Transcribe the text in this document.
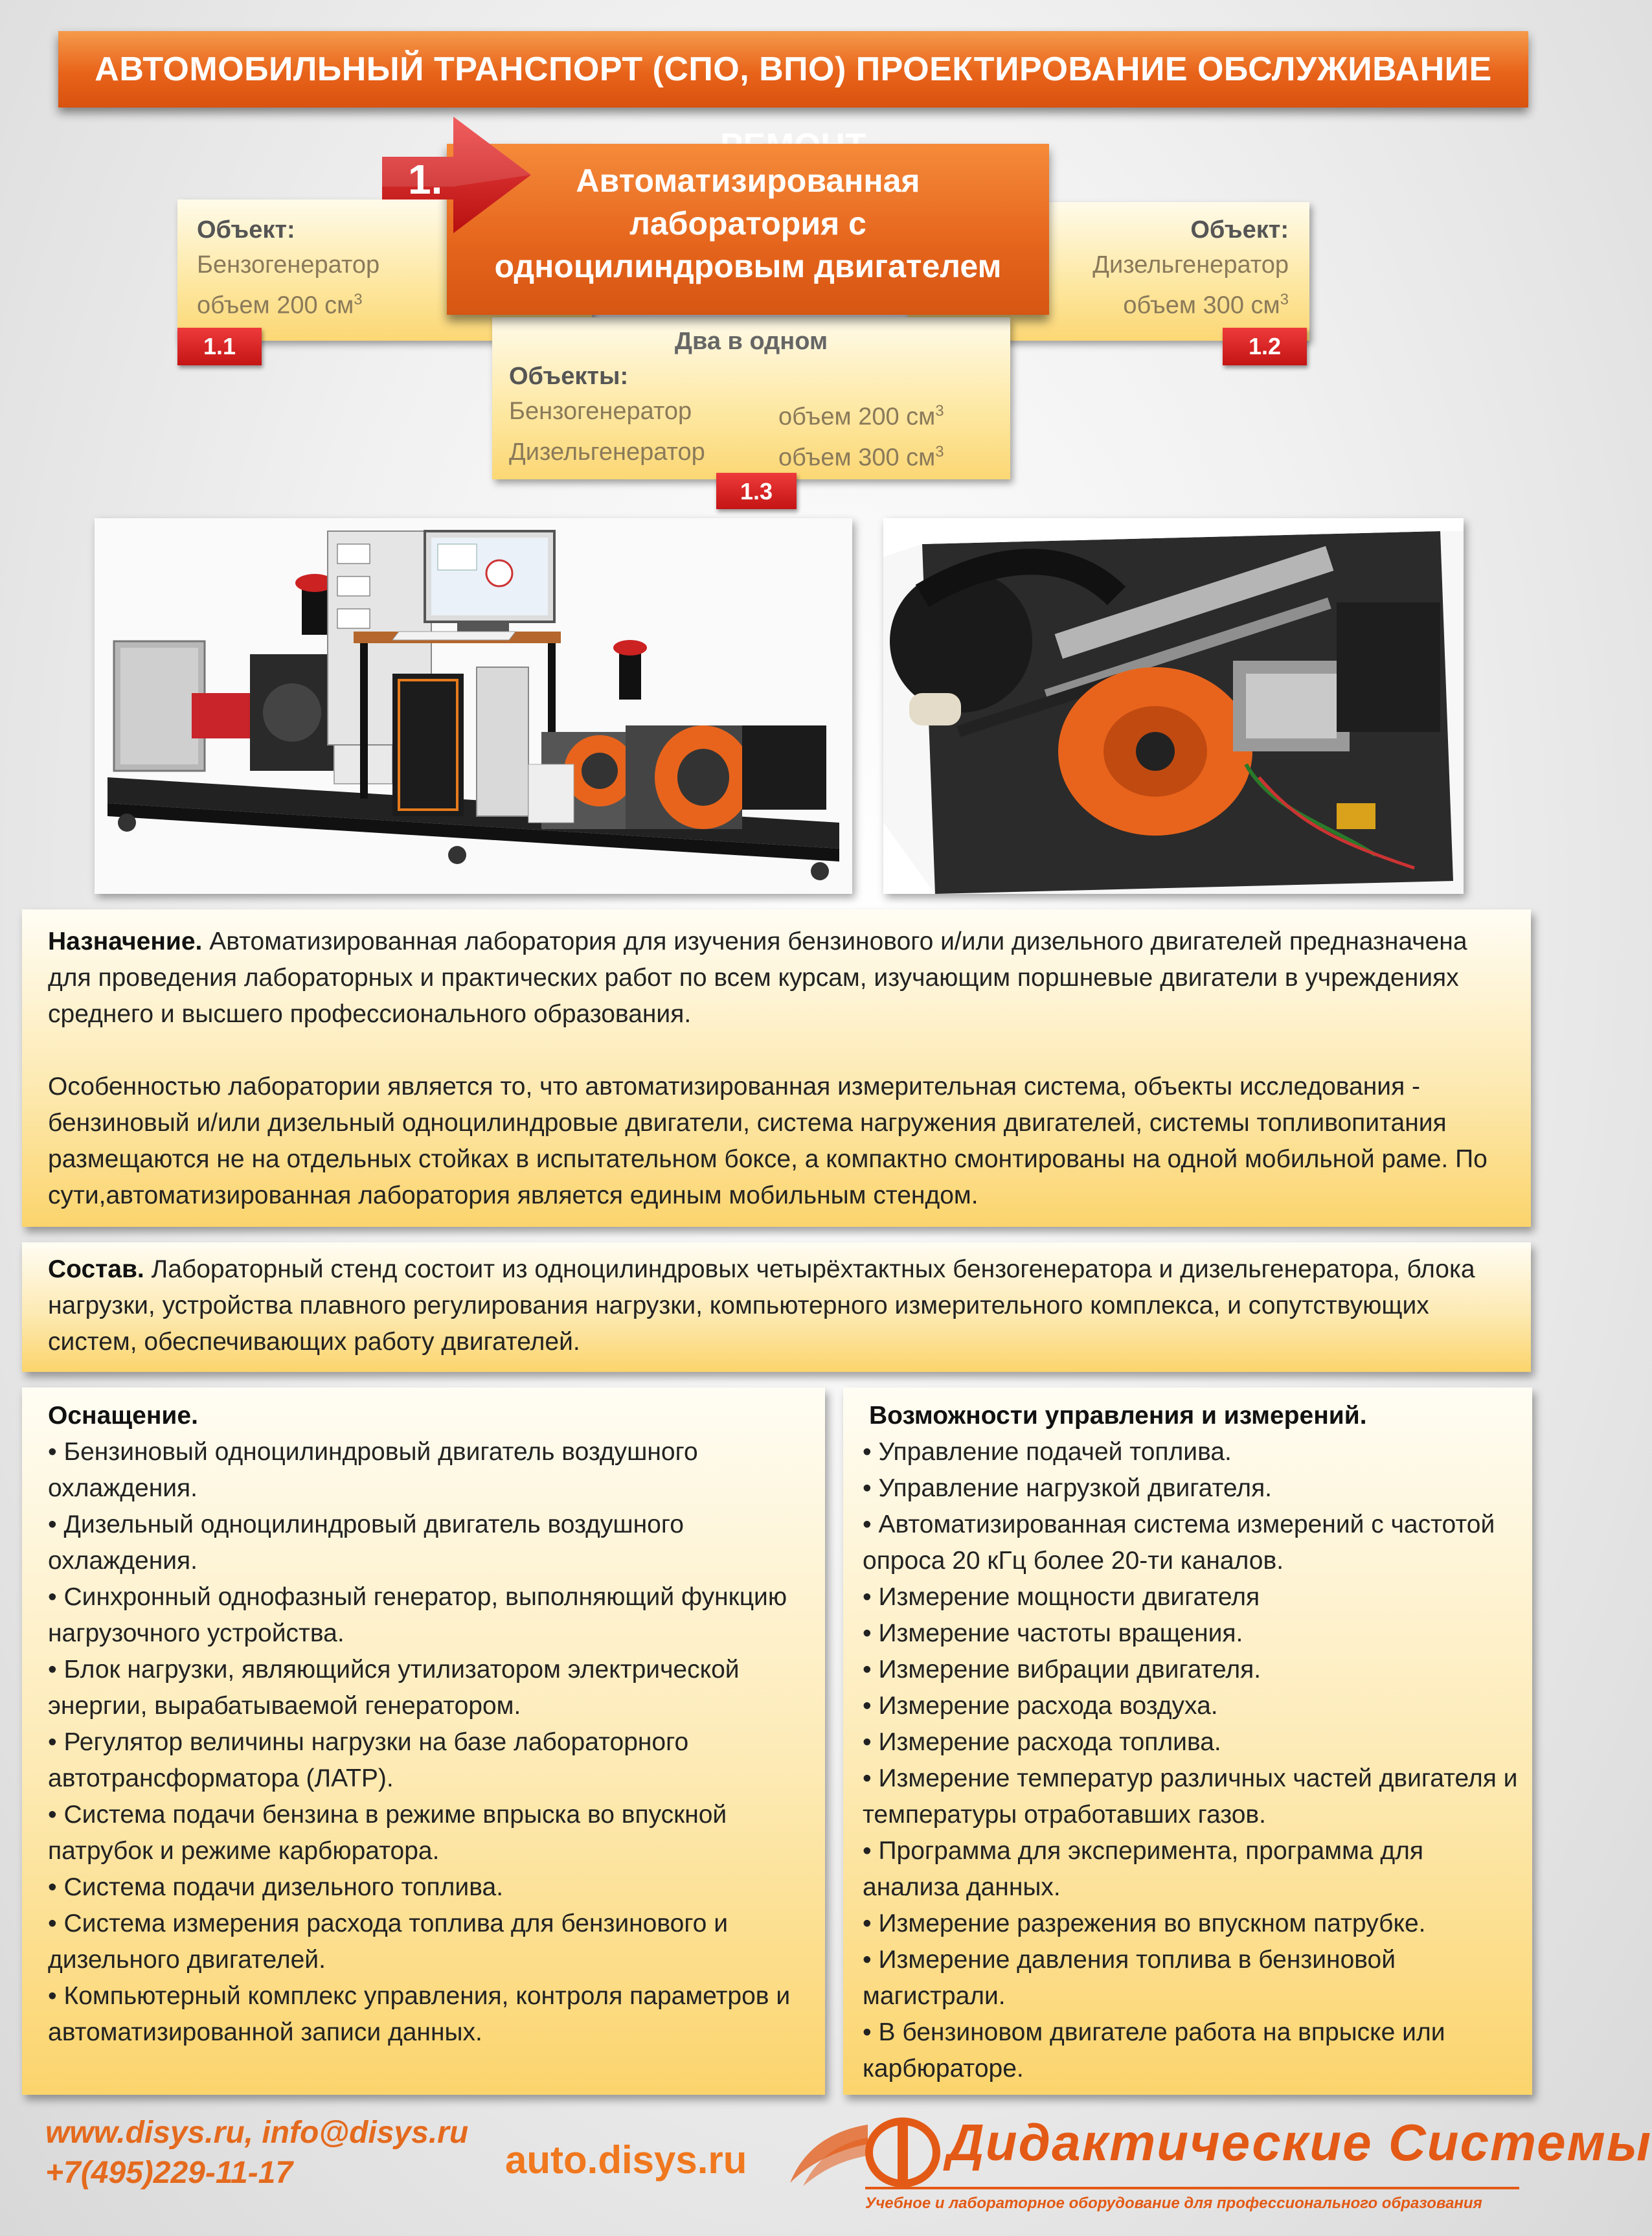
АВТОМОБИЛЬНЫЙ ТРАНСПОРТ (СПО, ВПО) ПРОЕКТИРОВАНИЕ ОБСЛУЖИВАНИЕ
Объект:
Бензогенератор
объем 200 $см^3$
1.1
Объект:
Дизельгенератор
объем 300 $см^3$
1.2
Два в одном
Объекты:
Бензогенератор	объем 200 $см^3$
Дизельгенератор	объем 300 $см^3$
1.3
Автоматизированная
лаборатория с
одноцилиндровым двигателем
1.
Назначение. Автоматизированная лаборатория для изучения бензинового и/или дизельного двигателей предназначена для проведения лабораторных и практических работ по всем курсам, изучающим поршневые двигатели в учреждениях среднего и высшего профессионального образования.
Особенностью лаборатории является то, что автоматизированная измерительная система, объекты исследования - бензиновый и/или дизельный одноцилиндровые двигатели, система нагружения двигателей, системы топливопитания размещаются не на отдельных стойках в испытательном боксе, а компактно смонтированы на одной мобильной раме. По сути,автоматизированная лаборатория является единым мобильным стендом.
Состав. Лабораторный стенд состоит из одноцилиндровых четырёхтактных бензогенератора и дизельгенератора, блока нагрузки, устройства плавного регулирования нагрузки, компьютерного измерительного комплекса, и сопутствующих систем, обеспечивающих работу двигателей.
Оснащение.
• Бензиновый одноцилиндровый двигатель воздушного охлаждения.
• Дизельный одноцилиндровый двигатель воздушного охлаждения.
• Синхронный однофазный генератор, выполняющий функцию нагрузочного устройства.
• Блок нагрузки, являющийся утилизатором электрической энергии, вырабатываемой генератором.
• Регулятор величины нагрузки на базе лабораторного автотрансформатора (ЛАТР).
• Система подачи бензина в режиме впрыска во впускной патрубок и режиме карбюратора.
• Система подачи дизельного топлива.
• Система измерения расхода топлива для бензинового и дизельного двигателей.
• Компьютерный комплекс управления, контроля параметров и автоматизированной записи данных.
Возможности управления и измерений.
• Управление подачей топлива.
• Управление нагрузкой двигателя.
• Автоматизированная система измерений с частотой опроса 20 кГц более 20-ти каналов.
• Измерение мощности двигателя
• Измерение частоты вращения.
• Измерение вибрации двигателя.
• Измерение расхода воздуха.
• Измерение расхода топлива.
• Измерение температур различных частей двигателя и температуры отработавших газов.
• Программа для эксперимента, программа для анализа данных.
• Измерение разрежения во впускном патрубке.
• Измерение давления топлива в бензиновой магистрали.
• В бензиновом двигателе работа на впрыске или карбюраторе.
www.disys.ru, info@disys.ru
+7(495)229-11-17	auto.disys.ru	Дидактические Системы
Учебное и лабораторное оборудование для профессионального образования
